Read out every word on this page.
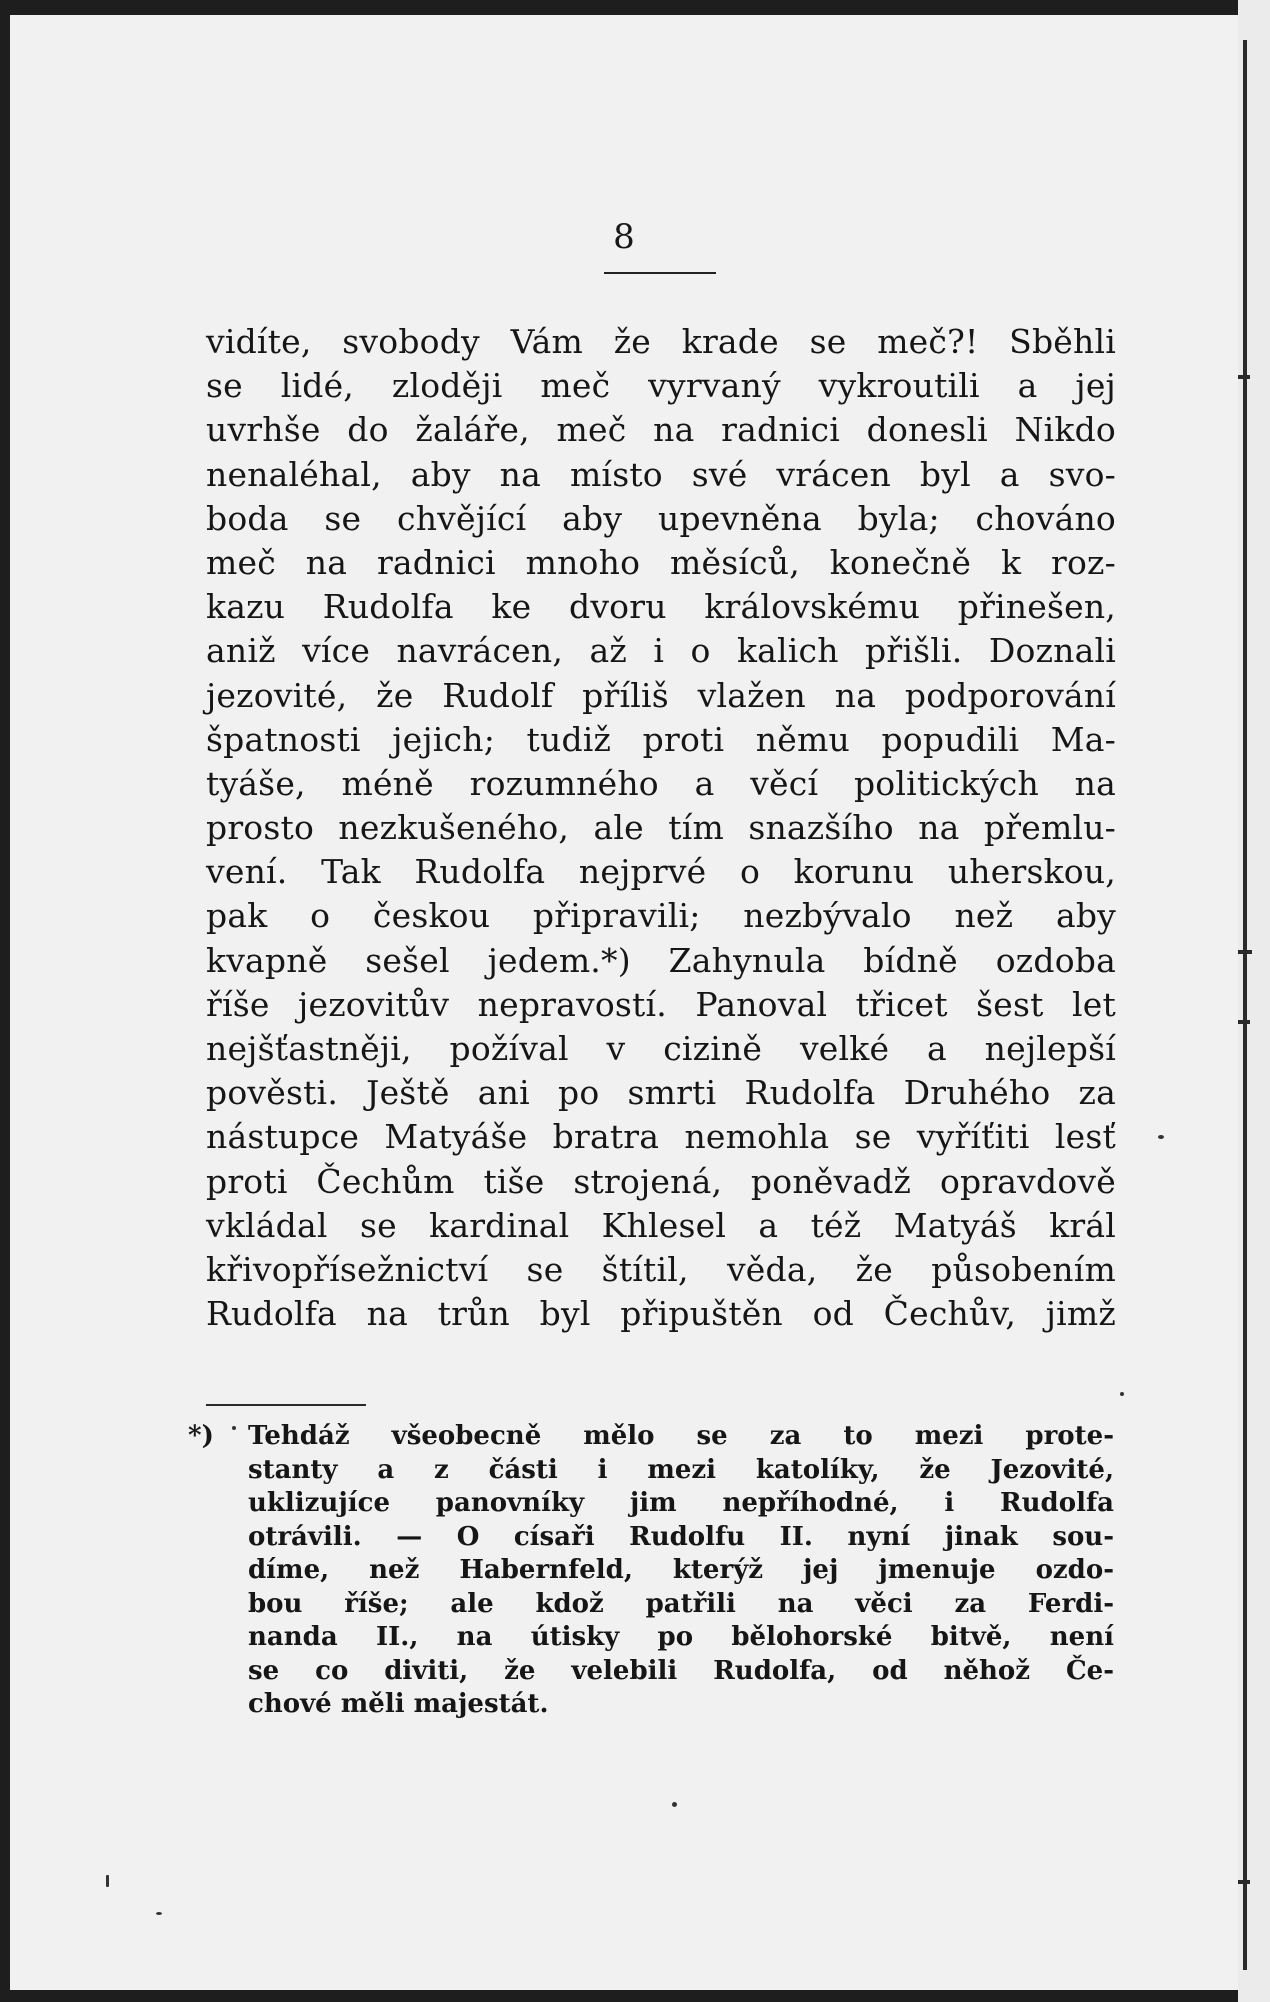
8
vidíte, svobody Vám že krade se meč?! Sběhli
se lidé, zloději meč vyrvaný vykroutili a jej
uvrhše do žaláře, meč na radnici donesli Nikdo
nenaléhal, aby na místo své vrácen byl a svo-
boda se chvějící aby upevněna byla; chováno
meč na radnici mnoho měsíců, konečně k roz-
kazu Rudolfa ke dvoru královskému přinešen,
aniž více navrácen, až i o kalich přišli. Doznali
jezovité, že Rudolf příliš vlažen na podporování
špatnosti jejich; tudiž proti němu popudili Ma-
tyáše, méně rozumného a věcí politických na
prosto nezkušeného, ale tím snazšího na přemlu-
vení. Tak Rudolfa nejprvé o korunu uherskou,
pak o českou připravili; nezbývalo než aby
kvapně sešel jedem.*) Zahynula bídně ozdoba
říše jezovitův nepravostí. Panoval třicet šest let
nejšťastněji, požíval v cizině velké a nejlepší
pověsti. Ještě ani po smrti Rudolfa Druhého za
nástupce Matyáše bratra nemohla se vyříťiti lesť
proti Čechům tiše strojená, poněvadž opravdově
vkládal se kardinal Khlesel a též Matyáš král
křivopřísežnictví se štítil, věda, že působením
Rudolfa na trůn byl připuštěn od Čechův, jimž
*) Tehdáž všeobecně mělo se za to mezi prote-
stanty a z části i mezi katolíky, že Jezovité,
uklizujíce panovníky jim nepříhodné, i Rudolfa
otrávili. — O císaři Rudolfu II. nyní jinak sou-
díme, než Habernfeld, kterýž jej jmenuje ozdo-
bou říše; ale kdož patřili na věci za Ferdi-
nanda II., na útisky po bělohorské bitvě, není
se co diviti, že velebili Rudolfa, od něhož Če-
chové měli majestát.
